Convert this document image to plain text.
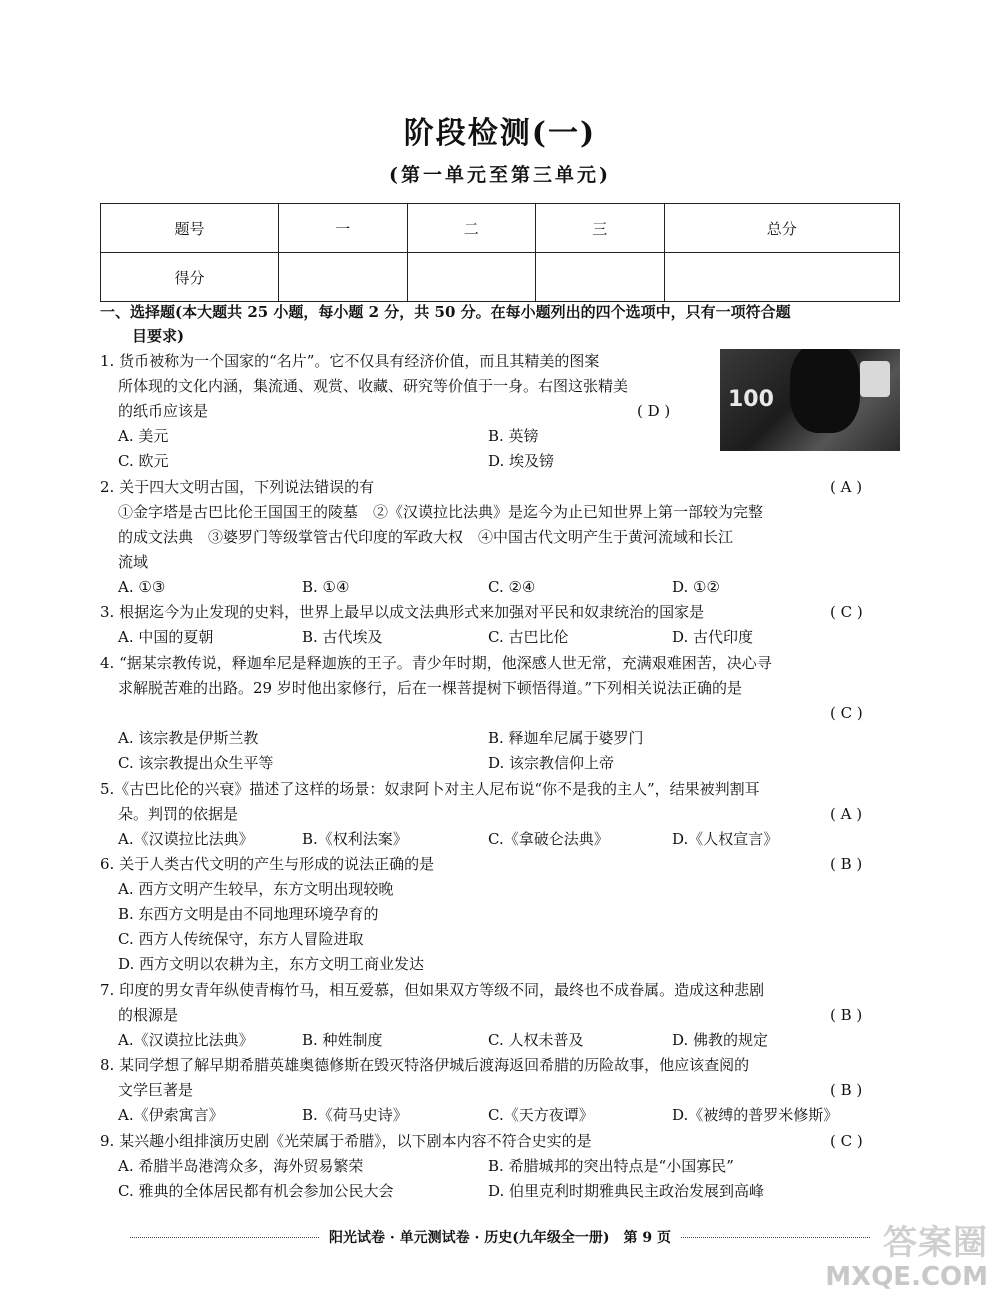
阶段检测(一)
(第一单元至第三单元)
题号	一	二	三	总分
得分				
一、选择题(本大题共 25 小题，每小题 2 分，共 50 分。在每小题列出的四个选项中，只有一项符合题
目要求)
1. 货币被称为一个国家的“名片”。它不仅具有经济价值，而且其精美的图案
所体现的文化内涵，集流通、观赏、收藏、研究等价值于一身。右图这张精美
的纸币应该是	( D )
A. 美元	B. 英镑
C. 欧元	D. 埃及镑
100
2. 关于四大文明古国，下列说法错误的有	( A )
①金字塔是古巴比伦王国国王的陵墓　②《汉谟拉比法典》是迄今为止已知世界上第一部较为完整
的成文法典　③婆罗门等级掌管古代印度的军政大权　④中国古代文明产生于黄河流域和长江
流域
A. ①③	B. ①④	C. ②④	D. ①②
3. 根据迄今为止发现的史料，世界上最早以成文法典形式来加强对平民和奴隶统治的国家是	( C )
A. 中国的夏朝	B. 古代埃及	C. 古巴比伦	D. 古代印度
4. “据某宗教传说，释迦牟尼是释迦族的王子。青少年时期，他深感人世无常，充满艰难困苦，决心寻
求解脱苦难的出路。29 岁时他出家修行，后在一棵菩提树下顿悟得道。”下列相关说法正确的是
( C )
A. 该宗教是伊斯兰教	B. 释迦牟尼属于婆罗门
C. 该宗教提出众生平等	D. 该宗教信仰上帝
5.《古巴比伦的兴衰》描述了这样的场景：奴隶阿卜对主人尼布说“你不是我的主人”，结果被判割耳
朵。判罚的依据是	( A )
A.《汉谟拉比法典》	B.《权利法案》	C.《拿破仑法典》	D.《人权宣言》
6. 关于人类古代文明的产生与形成的说法正确的是	( B )
A. 西方文明产生较早，东方文明出现较晚
B. 东西方文明是由不同地理环境孕育的
C. 西方人传统保守，东方人冒险进取
D. 西方文明以农耕为主，东方文明工商业发达
7. 印度的男女青年纵使青梅竹马，相互爱慕，但如果双方等级不同，最终也不成眷属。造成这种悲剧
的根源是	( B )
A.《汉谟拉比法典》	B. 种姓制度	C. 人权未普及	D. 佛教的规定
8. 某同学想了解早期希腊英雄奥德修斯在毁灭特洛伊城后渡海返回希腊的历险故事，他应该查阅的
文学巨著是	( B )
A.《伊索寓言》	B.《荷马史诗》	C.《天方夜谭》	D.《被缚的普罗米修斯》
9. 某兴趣小组排演历史剧《光荣属于希腊》，以下剧本内容不符合史实的是	( C )
A. 希腊半岛港湾众多，海外贸易繁荣	B. 希腊城邦的突出特点是“小国寡民”
C. 雅典的全体居民都有机会参加公民大会	D. 伯里克利时期雅典民主政治发展到高峰
阳光试卷 · 单元测试卷 · 历史(九年级全一册)　第 9 页	答案圈
MXQE.COM
